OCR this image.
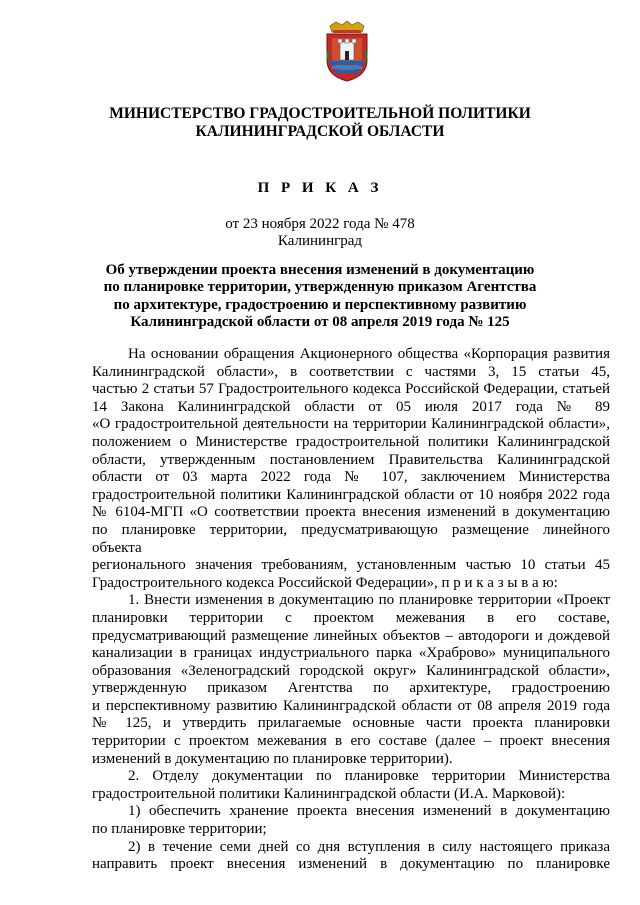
МИНИСТЕРСТВО ГРАДОСТРОИТЕЛЬНОЙ ПОЛИТИКИ
КАЛИНИНГРАДСКОЙ ОБЛАСТИ
П Р И К А З
от 23 ноября 2022 года № 478
Калининград
Об утверждении проекта внесения изменений в документацию
по планировке территории, утвержденную приказом Агентства
по архитектуре, градостроению и перспективному развитию
Калининградской области от 08 апреля 2019 года № 125

На основании обращения Акционерного общества «Корпорация развития
Калининградской области», в соответствии с частями 3, 15 статьи 45,
частью 2 статьи 57 Градостроительного кодекса Российской Федерации, статьей
14 Закона Калининградской области от 05 июля 2017 года № 89
«О градостроительной деятельности на территории Калининградской области»,
положением о Министерстве градостроительной политики Калининградской
области, утвержденным постановлением Правительства Калининградской
области от 03 марта 2022 года № 107, заключением Министерства
градостроительной политики Калининградской области от 10 ноября 2022 года
№ 6104-МГП «О соответствии проекта внесения изменений в документацию
по планировке территории, предусматривающую размещение линейного объекта
регионального значения требованиям, установленным частью 10 статьи 45
Градостроительного кодекса Российской Федерации», п р и к а з ы в а ю:

1. Внести изменения в документацию по планировке территории «Проект
планировки территории с проектом межевания в его составе,
предусматривающий размещение линейных объектов – автодороги и дождевой
канализации в границах индустриального парка «Храброво» муниципального
образования «Зеленоградский городской округ» Калининградской области»,
утвержденную приказом Агентства по архитектуре, градостроению
и перспективному развитию Калининградской области от 08 апреля 2019 года
№ 125, и утвердить прилагаемые основные части проекта планировки
территории с проектом межевания в его составе (далее – проект внесения
изменений в документацию по планировке территории).

2. Отделу документации по планировке территории Министерства
градостроительной политики Калининградской области (И.А. Марковой):

1) обеспечить хранение проекта внесения изменений в документацию
по планировке территории;

2) в течение семи дней со дня вступления в силу настоящего приказа
направить проект внесения изменений в документацию по планировке
